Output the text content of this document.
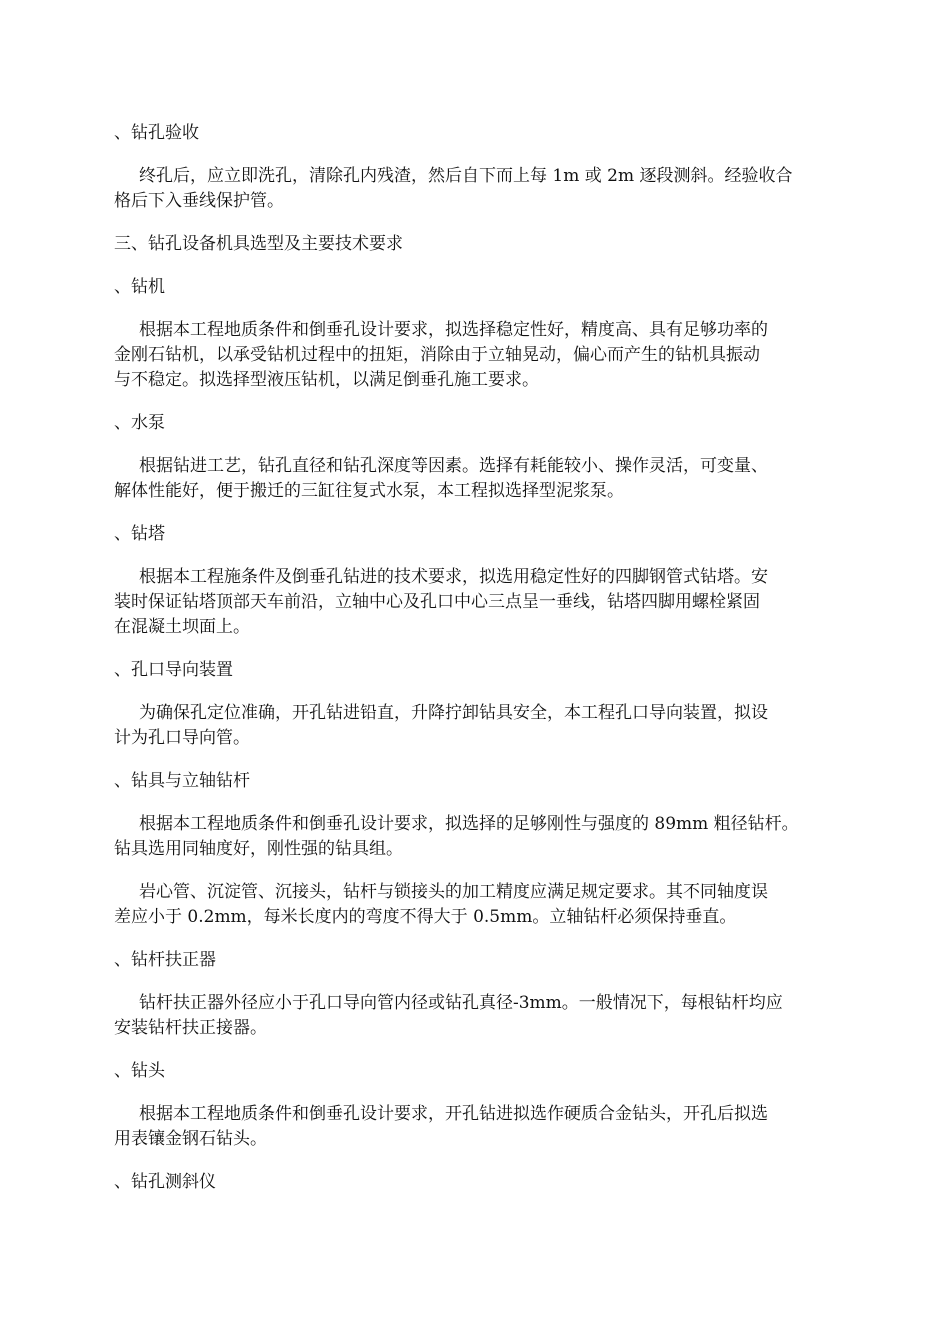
、钻孔验收
终孔后，应立即洗孔，清除孔内残渣，然后自下而上每 1m 或 2m 逐段测斜。经验收合
格后下入垂线保护管。
三、钻孔设备机具选型及主要技术要求
、钻机
根据本工程地质条件和倒垂孔设计要求，拟选择稳定性好，精度高、具有足够功率的
金刚石钻机，以承受钻机过程中的扭矩，消除由于立轴晃动，偏心而产生的钻机具振动
与不稳定。拟选择型液压钻机，以满足倒垂孔施工要求。
、水泵
根据钻进工艺，钻孔直径和钻孔深度等因素。选择有耗能较小、操作灵活，可变量、
解体性能好，便于搬迁的三缸往复式水泵，本工程拟选择型泥浆泵。
、钻塔
根据本工程施条件及倒垂孔钻进的技术要求，拟选用稳定性好的四脚钢管式钻塔。安
装时保证钻塔顶部天车前沿，立轴中心及孔口中心三点呈一垂线，钻塔四脚用螺栓紧固
在混凝土坝面上。
、孔口导向装置
为确保孔定位准确，开孔钻进铅直，升降拧卸钻具安全，本工程孔口导向装置，拟设
计为孔口导向管。
、钻具与立轴钻杆
根据本工程地质条件和倒垂孔设计要求，拟选择的足够刚性与强度的 89mm 粗径钻杆。
钻具选用同轴度好，刚性强的钻具组。
岩心管、沉淀管、沉接头，钻杆与锁接头的加工精度应满足规定要求。其不同轴度误
差应小于 0.2mm，每米长度内的弯度不得大于 0.5mm。立轴钻杆必须保持垂直。
、钻杆扶正器
钻杆扶正器外径应小于孔口导向管内径或钻孔真径-3mm。一般情况下，每根钻杆均应
安装钻杆扶正接器。
、钻头
根据本工程地质条件和倒垂孔设计要求，开孔钻进拟选作硬质合金钻头，开孔后拟选
用表镶金钢石钻头。
、钻孔测斜仪
